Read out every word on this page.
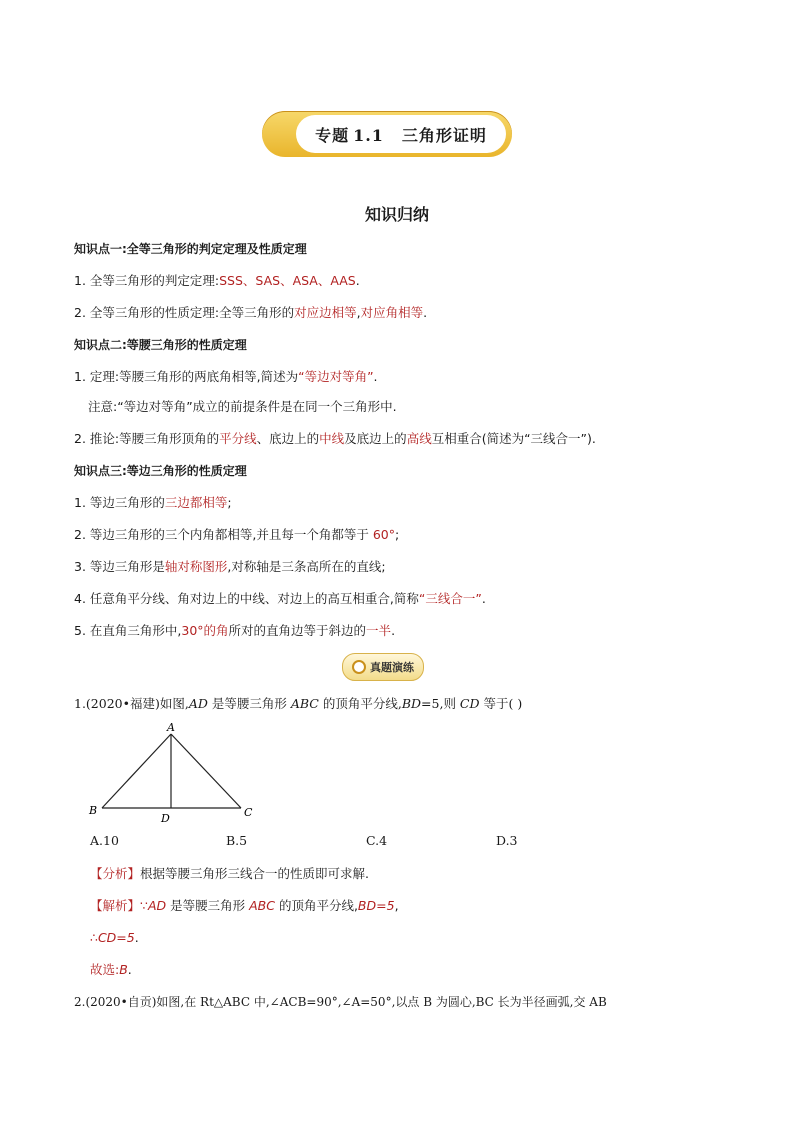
专题 1.1 三角形证明
知识归纳
知识点一:全等三角形的判定定理及性质定理
1. 全等三角形的判定定理:SSS、SAS、ASA、AAS.
2. 全等三角形的性质定理:全等三角形的对应边相等,对应角相等.
知识点二:等腰三角形的性质定理
1. 定理:等腰三角形的两底角相等,简述为“等边对等角”.
注意:“等边对等角”成立的前提条件是在同一个三角形中.
2. 推论:等腰三角形顶角的平分线、底边上的中线及底边上的高线互相重合(简述为“三线合一”).
知识点三:等边三角形的性质定理
1. 等边三角形的三边都相等;
2. 等边三角形的三个内角都相等,并且每一个角都等于 60°;
3. 等边三角形是轴对称图形,对称轴是三条高所在的直线;
4. 任意角平分线、角对边上的中线、对边上的高互相重合,简称“三线合一”.
5. 在直角三角形中,30°的角所对的直角边等于斜边的一半.
真题演练
1.(2020•福建)如图,AD 是等腰三角形 ABC 的顶角平分线,BD=5,则 CD 等于( )
A
B	C
D
A.10	B.5	C.4	D.3
【分析】根据等腰三角形三线合一的性质即可求解.
【解析】∵AD 是等腰三角形 ABC 的顶角平分线,BD=5,
∴CD=5.
故选:B.
2.(2020•自贡)如图,在 Rt△ABC 中,∠ACB=90°,∠A=50°,以点 B 为圆心,BC 长为半径画弧,交 AB
